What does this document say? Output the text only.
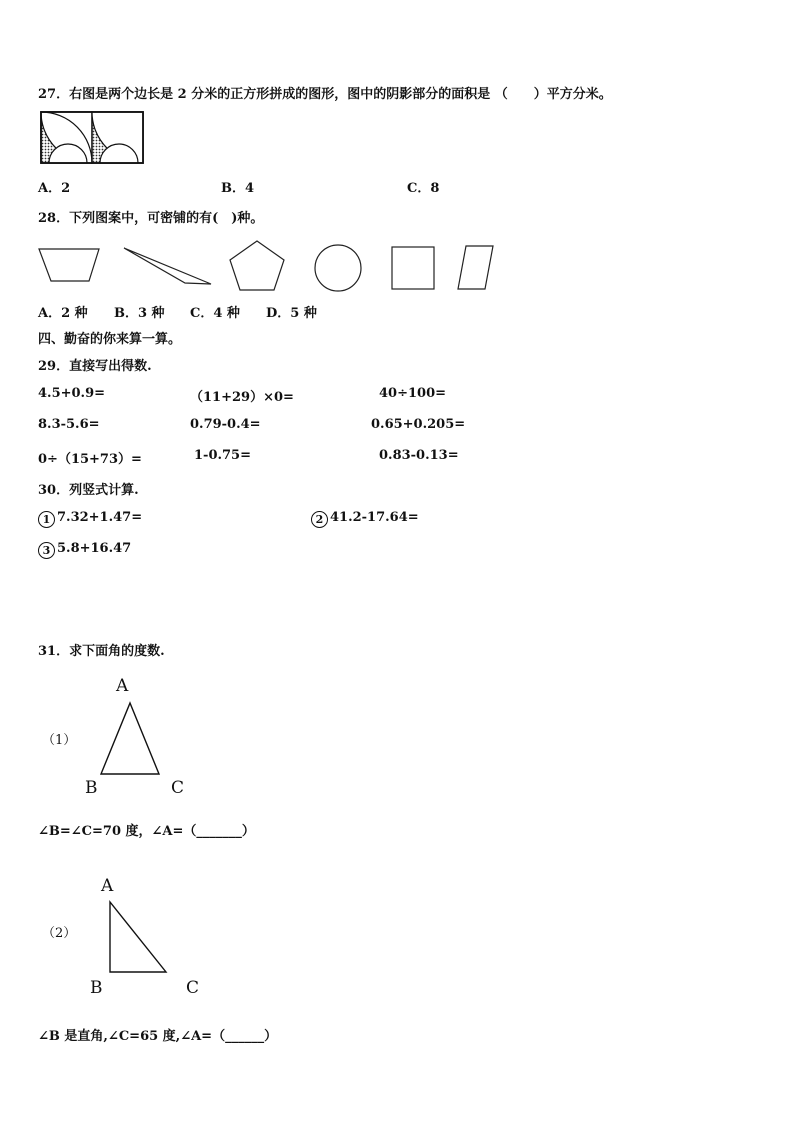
27．右图是两个边长是 2 分米的正方形拼成的图形，图中的阴影部分的面积是 （　　）平方分米。
A．2	B．4	C．8
28．下列图案中，可密铺的有(　)种。
A．2 种 B．3 种 C．4 种 D．5 种
四、勤奋的你来算一算。
29．直接写出得数.
4.5+0.9=	（11+29）×0=	40÷100=
8.3-5.6=	0.79-0.4=	0.65+0.205=
0÷（15+73）=	1-0.75=	0.83-0.13=
30．列竖式计算.
1 7.32+1.47=	2 41.2-17.64=
3 5.8+16.47
31．求下面角的度数.
（1）
A
B	C
∠B=∠C=70 度，∠A=（_______）
（2）
A
B	C
∠B 是直角,∠C=65 度,∠A=（______）
